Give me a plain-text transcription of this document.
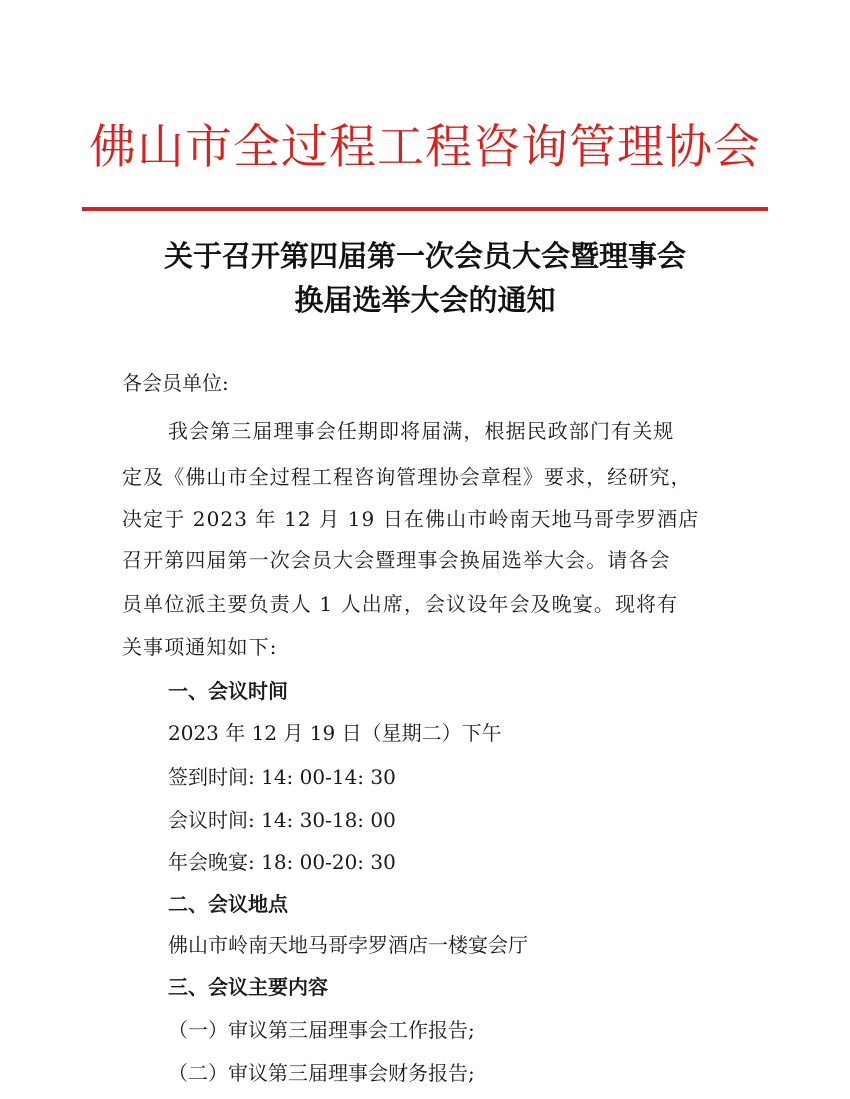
佛山市全过程工程咨询管理协会
关于召开第四届第一次会员大会暨理事会
换届选举大会的通知
各会员单位:
我会第三届理事会任期即将届满，根据民政部门有关规
定及《佛山市全过程工程咨询管理协会章程》要求，经研究，
决定于 2023 年 12 月 19 日在佛山市岭南天地马哥孛罗酒店
召开第四届第一次会员大会暨理事会换届选举大会。请各会
员单位派主要负责人 1 人出席，会议设年会及晚宴。现将有
关事项通知如下:
一、会议时间
2023 年 12 月 19 日（星期二）下午
签到时间: 14: 00-14: 30
会议时间: 14: 30-18: 00
年会晚宴: 18: 00-20: 30
二、会议地点
佛山市岭南天地马哥孛罗酒店一楼宴会厅
三、会议主要内容
（一）审议第三届理事会工作报告;
（二）审议第三届理事会财务报告;
